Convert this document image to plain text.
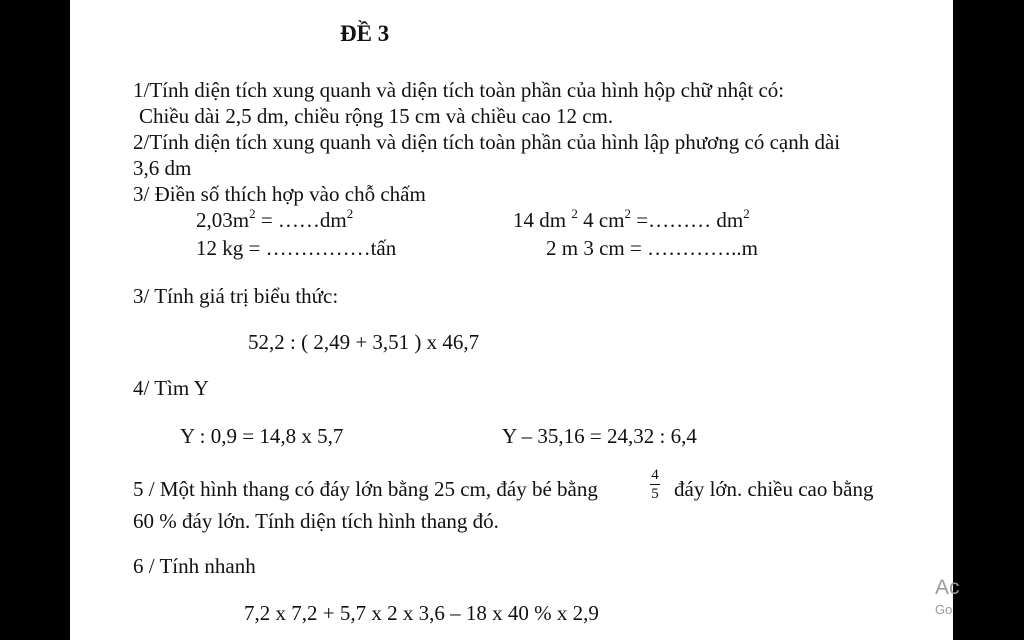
ĐỀ 3
1/Tính diện tích xung quanh và diện tích toàn phần của hình hộp chữ nhật có:
Chiều dài 2,5 dm, chiều rộng 15 cm và chiều cao 12 cm.
2/Tính diện tích xung quanh và diện tích toàn phần của hình lập phương có cạnh dài
3,6 dm
3/ Điền số thích hợp vào chỗ chấm
$2,03m^2$ = $\dots\dots dm^2$	14 dm $^2$ 4 $cm^2$ =……… $dm^2$
12 kg = ……………tấn	2 m 3 cm = …………..m
3/ Tính giá trị biểu thức:
52,2 : ( 2,49 + 3,51 ) x 46,7
4/ Tìm Y
Y : 0,9 = 14,8 x 5,7	Y – 35,16 = 24,32 : 6,4
5 / Một hình thang có đáy lớn bằng 25 cm, đáy bé bằng
4
5 đáy lớn. chiều cao bằng
60 % đáy lớn. Tính diện tích hình thang đó.
6 / Tính nhanh
7,2 x 7,2 + 5,7 x 2 x 3,6 – 18 x 40 % x 2,9
Ac
Go
